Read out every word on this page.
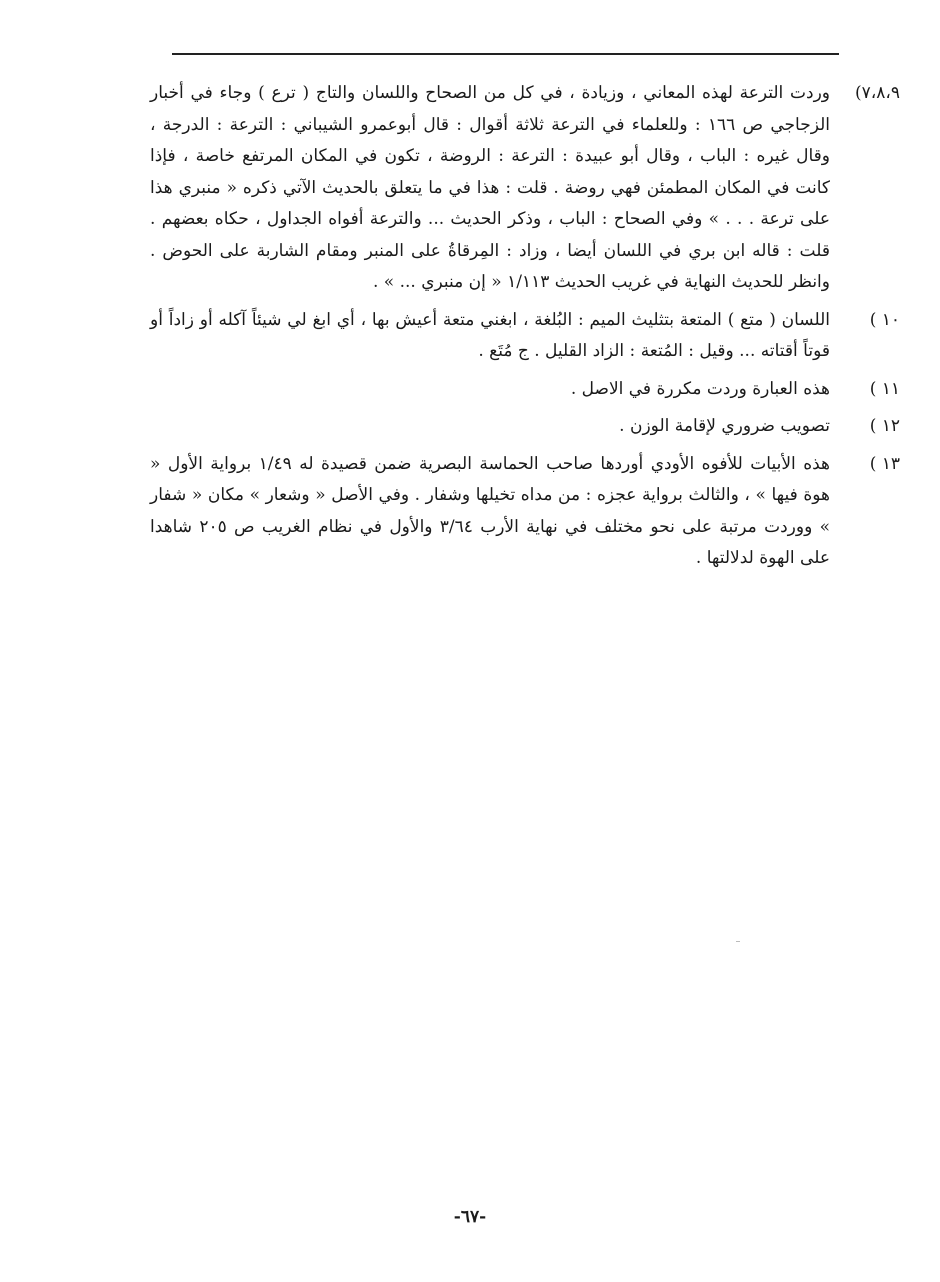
٧،٨،٩)
وردت الترعة لهذه المعاني ، وزيادة ، في كل من الصحاح واللسان والتاج ( ترع ) وجاء في أخبار الزجاجي ص ١٦٦ : وللعلماء في الترعة ثلاثة أقوال : قال أبوعمرو الشيباني : الترعة : الدرجة ، وقال غيره : الباب ، وقال أبو عبيدة : الترعة : الروضة ، تكون في المكان المرتفع خاصة ، فإذا كانت في المكان المطمئن فهي روضة . قلت : هذا في ما يتعلق بالحديث الآتي ذكره « منبري هذا على ترعة . . . » وفي الصحاح : الباب ، وذكر الحديث ... والترعة أفواه الجداول ، حكاه بعضهم . قلت : قاله ابن بري في اللسان أيضا ، وزاد : المِرقاةُ على المنبر ومقام الشاربة على الحوض . وانظر للحديث النهاية في غريب الحديث ١/١١٣ « إن منبري ... » .
١٠ )
اللسان ( متع ) المتعة بتثليث الميم : البُلغة ، ابغني متعة أعيش بها ، أي ابغ لي شيئاً آكله أو زاداً أو قوتاً أقتاته ... وقيل : المُتعة : الزاد القليل . ج مُتَع .
١١ )
هذه العبارة وردت مكررة في الاصل .
١٢ )
تصويب ضروري لإقامة الوزن .
١٣ )
هذه الأبيات للأفوه الأودي أوردها صاحب الحماسة البصرية ضمن قصيدة له ١/٤٩ برواية الأول « هوة فيها » ، والثالث برواية عجزه : من مداه تخيلها وشفار . وفي الأصل « وشعار » مكان « شفار » ووردت مرتبة على نحو مختلف في نهاية الأرب ٣/٦٤ والأول في نظام الغريب ص ٢٠٥ شاهدا على الهوة لدلالتها .
-٦٧-
